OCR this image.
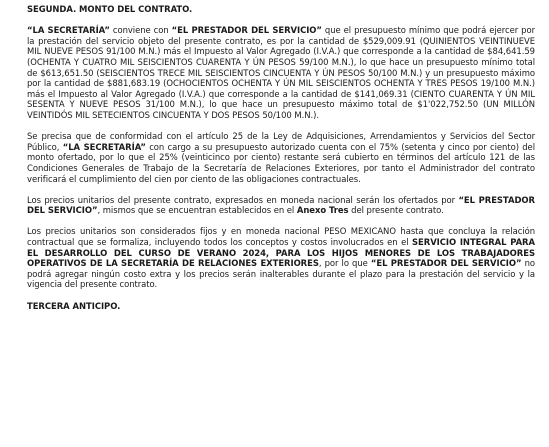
SEGUNDA. MONTO DEL CONTRATO.

“LA SECRETARÍA” conviene con “EL PRESTADOR DEL SERVICIO” que el presupuesto mínimo que podrá ejercer por la prestación del servicio objeto del presente contrato, es por la cantidad de $529,009.91 (QUINIENTOS VEINTINUEVE MIL NUEVE PESOS 91/100 M.N.) más el Impuesto al Valor Agregado (I.V.A.) que corresponde a la cantidad de $84,641.59 (OCHENTA Y CUATRO MIL SEISCIENTOS CUARENTA Y ÚN PESOS 59/100 M.N.), lo que hace un presupuesto mínimo total de $613,651.50 (SEISCIENTOS TRECE MIL SEISCIENTOS CINCUENTA Y ÚN PESOS 50/100 M.N.) y un presupuesto máximo por la cantidad de $881,683.19 (OCHOCIENTOS OCHENTA Y ÚN MIL SEISCIENTOS OCHENTA Y TRES PESOS 19/100 M.N.) más el Impuesto al Valor Agregado (I.V.A.) que corresponde a la cantidad de $141,069.31 (CIENTO CUARENTA Y ÚN MIL SESENTA Y NUEVE PESOS 31/100 M.N.), lo que hace un presupuesto máximo total de $1'022,752.50 (UN MILLÓN VEINTIDÓS MIL SETECIENTOS CINCUENTA Y DOS PESOS 50/100 M.N.).

Se precisa que de conformidad con el artículo 25 de la Ley de Adquisiciones, Arrendamientos y Servicios del Sector Público, “LA SECRETARÍA” con cargo a su presupuesto autorizado cuenta con el 75% (setenta y cinco por ciento) del monto ofertado, por lo que el 25% (veinticinco por ciento) restante será cubierto en términos del artículo 121 de las Condiciones Generales de Trabajo de la Secretaría de Relaciones Exteriores, por tanto el Administrador del contrato verificará el cumplimiento del cien por ciento de las obligaciones contractuales.

Los precios unitarios del presente contrato, expresados en moneda nacional serán los ofertados por “EL PRESTADOR DEL SERVICIO”, mismos que se encuentran establecidos en el Anexo Tres del presente contrato.

Los precios unitarios son considerados fijos y en moneda nacional PESO MEXICANO hasta que concluya la relación contractual que se formaliza, incluyendo todos los conceptos y costos involucrados en el SERVICIO INTEGRAL PARA EL DESARROLLO DEL CURSO DE VERANO 2024, PARA LOS HIJOS MENORES DE LOS TRABAJADORES OPERATIVOS DE LA SECRETARÍA DE RELACIONES EXTERIORES, por lo que “EL PRESTADOR DEL SERVICIO” no podrá agregar ningún costo extra y los precios serán inalterables durante el plazo para la prestación del servicio y la vigencia del presente contrato.

TERCERA ANTICIPO.
